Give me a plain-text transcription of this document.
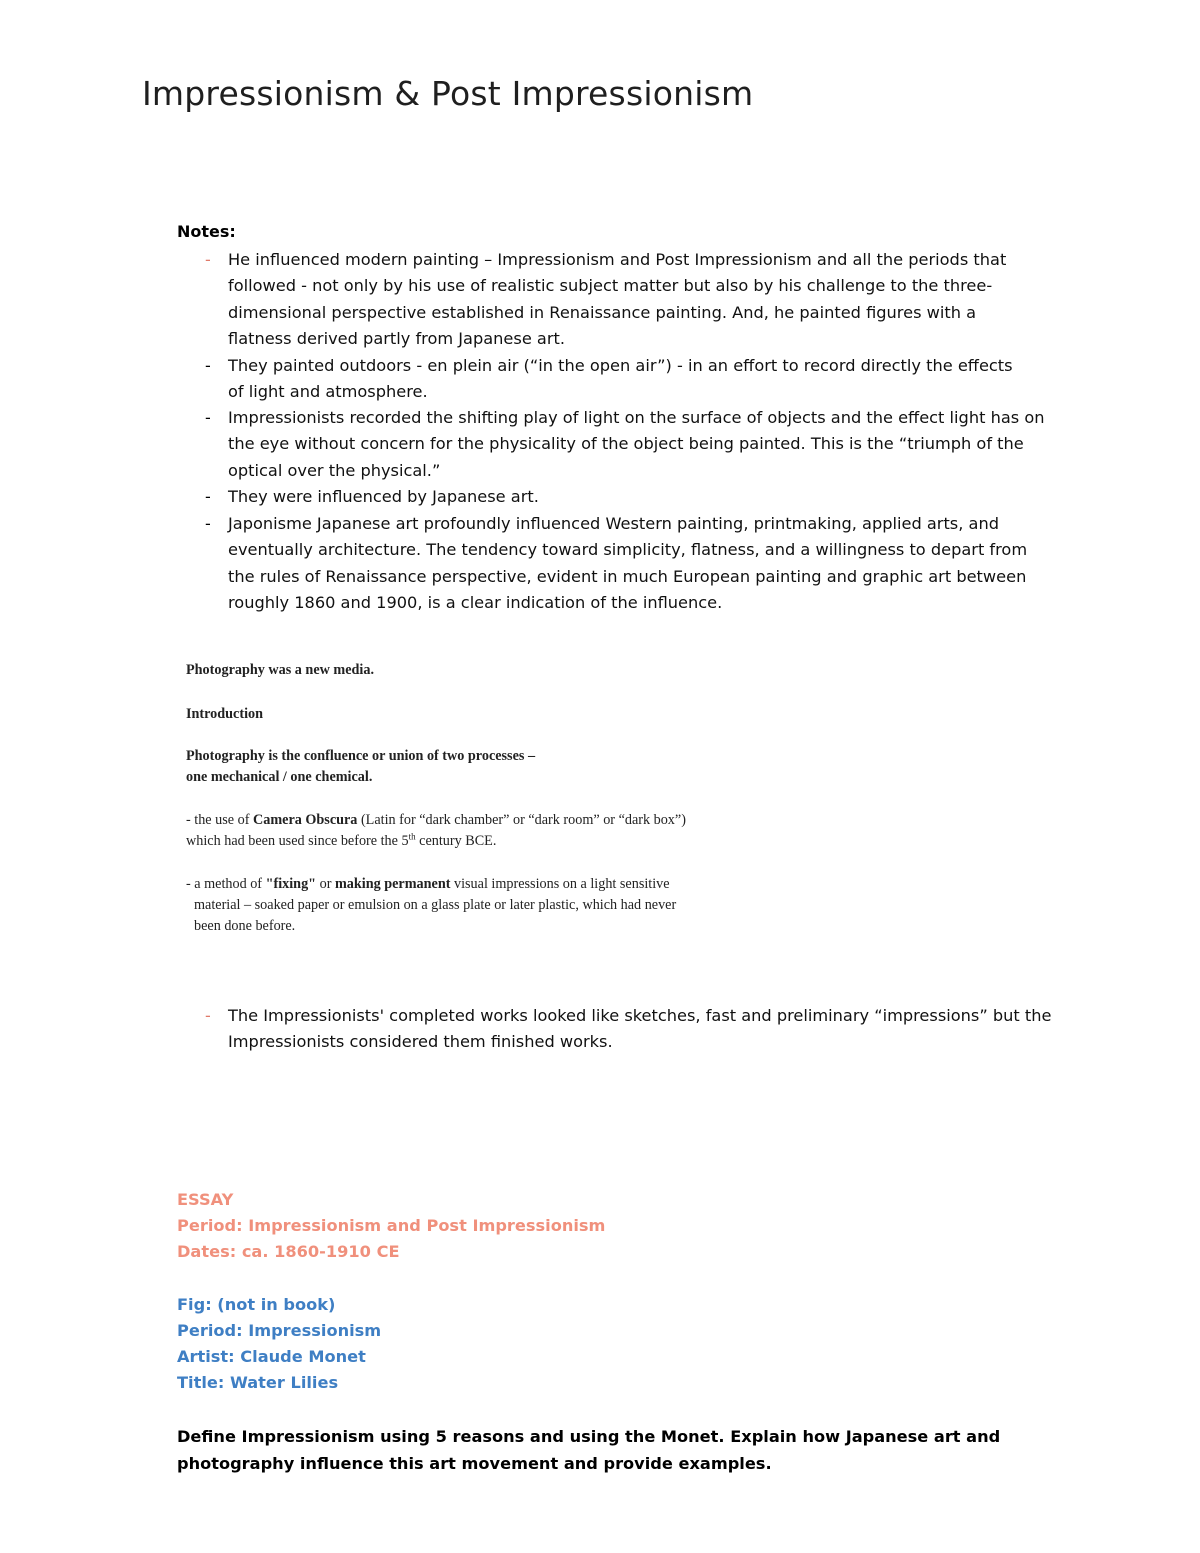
Impressionism & Post Impressionism

Notes:

- He influenced modern painting – Impressionism and Post Impressionism and all the periods that followed - not only by his use of realistic subject matter but also by his challenge to the three-dimensional perspective established in Renaissance painting. And, he painted figures with a flatness derived partly from Japanese art.
- They painted outdoors - en plein air (“in the open air”) - in an effort to record directly the effects of light and atmosphere.
- Impressionists recorded the shifting play of light on the surface of objects and the effect light has on the eye without concern for the physicality of the object being painted. This is the “triumph of the optical over the physical.”
- They were influenced by Japanese art.
- Japonisme Japanese art profoundly influenced Western painting, printmaking, applied arts, and eventually architecture. The tendency toward simplicity, flatness, and a willingness to depart from the rules of Renaissance perspective, evident in much European painting and graphic art between roughly 1860 and 1900, is a clear indication of the influence.

Photography was a new media.

Introduction

Photography is the confluence or union of two processes –

one mechanical / one chemical.

- the use of Camera Obscura (Latin for “dark chamber” or “dark room” or “dark box”)

which had been used since before the 5th century BCE.

- a method of "fixing" or making permanent visual impressions on a light sensitive

material – soaked paper or emulsion on a glass plate or later plastic, which had never

been done before.

- The Impressionists' completed works looked like sketches, fast and preliminary “impressions” but the Impressionists considered them finished works.

ESSAY

Period: Impressionism and Post Impressionism

Dates: ca. 1860-1910 CE

Fig: (not in book)

Period: Impressionism

Artist: Claude Monet

Title: Water Lilies

Define Impressionism using 5 reasons and using the Monet. Explain how Japanese art and photography influence this art movement and provide examples.
